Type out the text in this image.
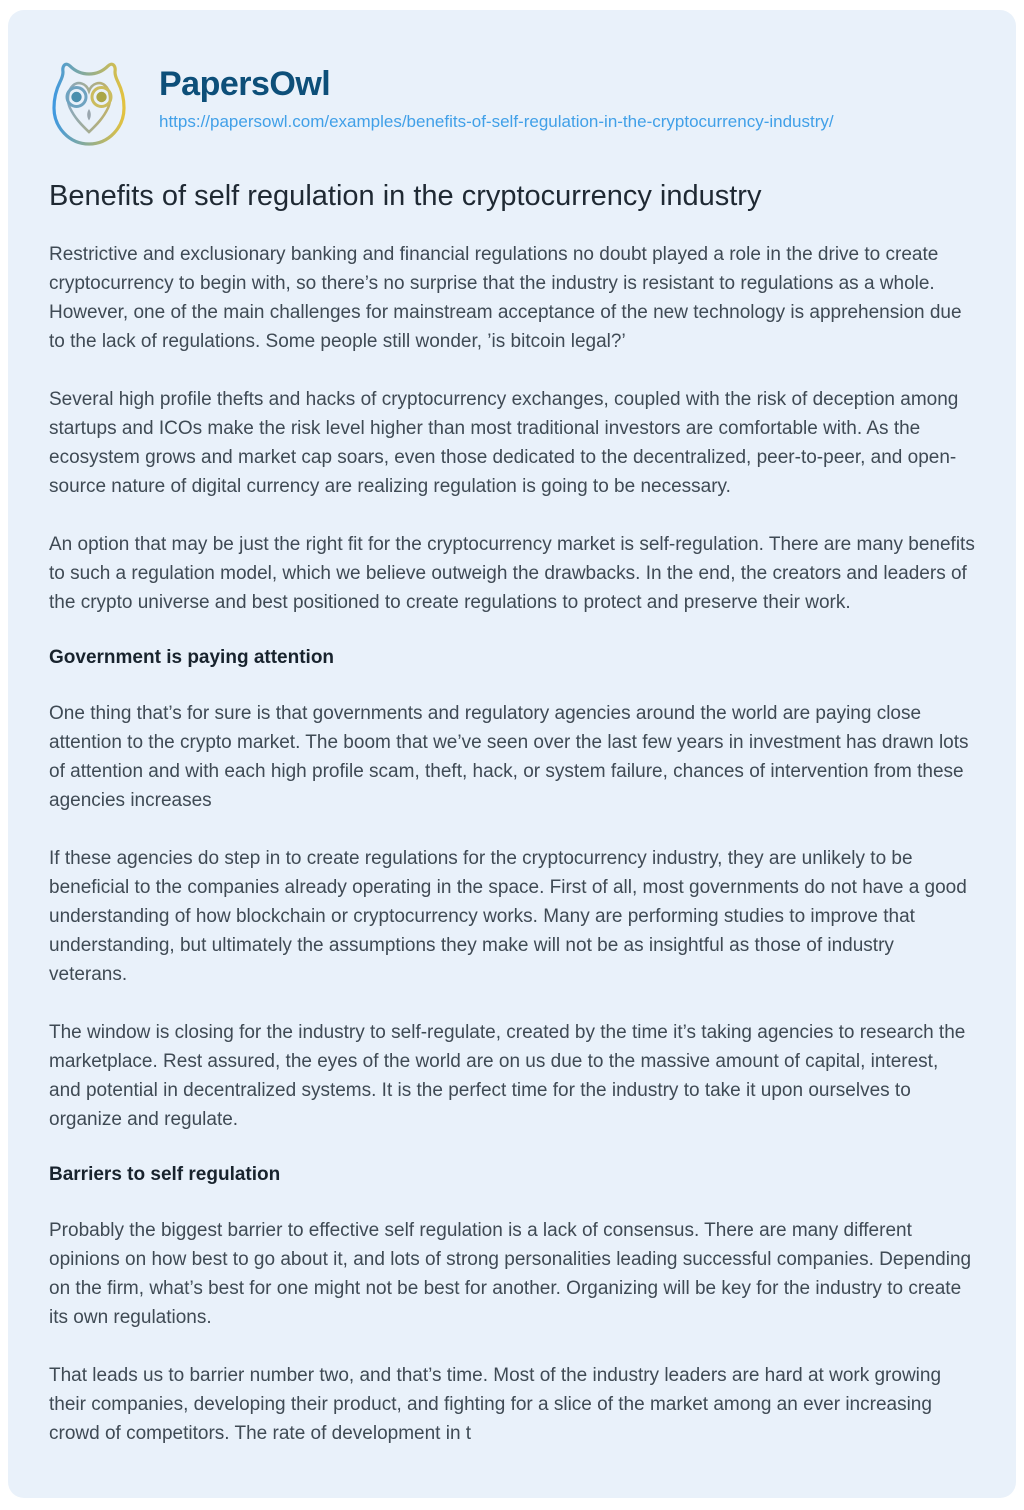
PapersOwl
https://papersowl.com/examples/benefits-of-self-regulation-in-the-cryptocurrency-industry/
Benefits of self regulation in the cryptocurrency industry

Restrictive and exclusionary banking and financial regulations no doubt played a role in the drive to create cryptocurrency to begin with, so there’s no surprise that the industry is resistant to regulations as a whole. However, one of the main challenges for mainstream acceptance of the new technology is apprehension due to the lack of regulations. Some people still wonder, ’is bitcoin legal?’

Several high profile thefts and hacks of cryptocurrency exchanges, coupled with the risk of deception among startups and ICOs make the risk level higher than most traditional investors are comfortable with. As the ecosystem grows and market cap soars, even those dedicated to the decentralized, peer-to-peer, and open-source nature of digital currency are realizing regulation is going to be necessary.

An option that may be just the right fit for the cryptocurrency market is self-regulation. There are many benefits to such a regulation model, which we believe outweigh the drawbacks. In the end, the creators and leaders of the crypto universe and best positioned to create regulations to protect and preserve their work.

Government is paying attention

One thing that’s for sure is that governments and regulatory agencies around the world are paying close attention to the crypto market. The boom that we’ve seen over the last few years in investment has drawn lots of attention and with each high profile scam, theft, hack, or system failure, chances of intervention from these agencies increases

If these agencies do step in to create regulations for the cryptocurrency industry, they are unlikely to be beneficial to the companies already operating in the space. First of all, most governments do not have a good understanding of how blockchain or cryptocurrency works. Many are performing studies to improve that understanding, but ultimately the assumptions they make will not be as insightful as those of industry veterans.

The window is closing for the industry to self-regulate, created by the time it’s taking agencies to research the marketplace. Rest assured, the eyes of the world are on us due to the massive amount of capital, interest, and potential in decentralized systems. It is the perfect time for the industry to take it upon ourselves to organize and regulate.

Barriers to self regulation

Probably the biggest barrier to effective self regulation is a lack of consensus. There are many different opinions on how best to go about it, and lots of strong personalities leading successful companies. Depending on the firm, what’s best for one might not be best for another. Organizing will be key for the industry to create its own regulations.

That leads us to barrier number two, and that’s time. Most of the industry leaders are hard at work growing their companies, developing their product, and fighting for a slice of the market among an ever increasing crowd of competitors. The rate of development in t
